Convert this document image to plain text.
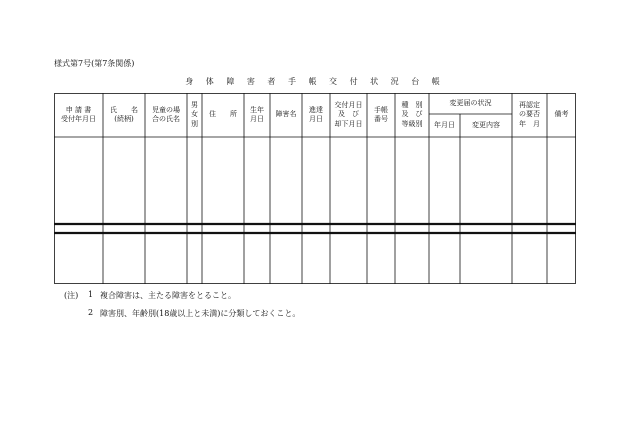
様式第7号(第7条関係)
身 体 障 害 者 手 帳 交 付 状 況 台 帳
申 請 書
受付年月日
氏　　名
(続柄)
児童の場
合の氏名
男
女
別
住　　所
生年
月日
障害名
進達
月日
交付月日
及　び
却下月日
手帳
番号
種　別
及　び
等級別
変更届の状況
年月日 変更内容
再認定
の要否
年　月
備考
(注) 1 複合障害は、主たる障害をとること。
2 障害別、年齢別(18歳以上と未満)に分類しておくこと。
